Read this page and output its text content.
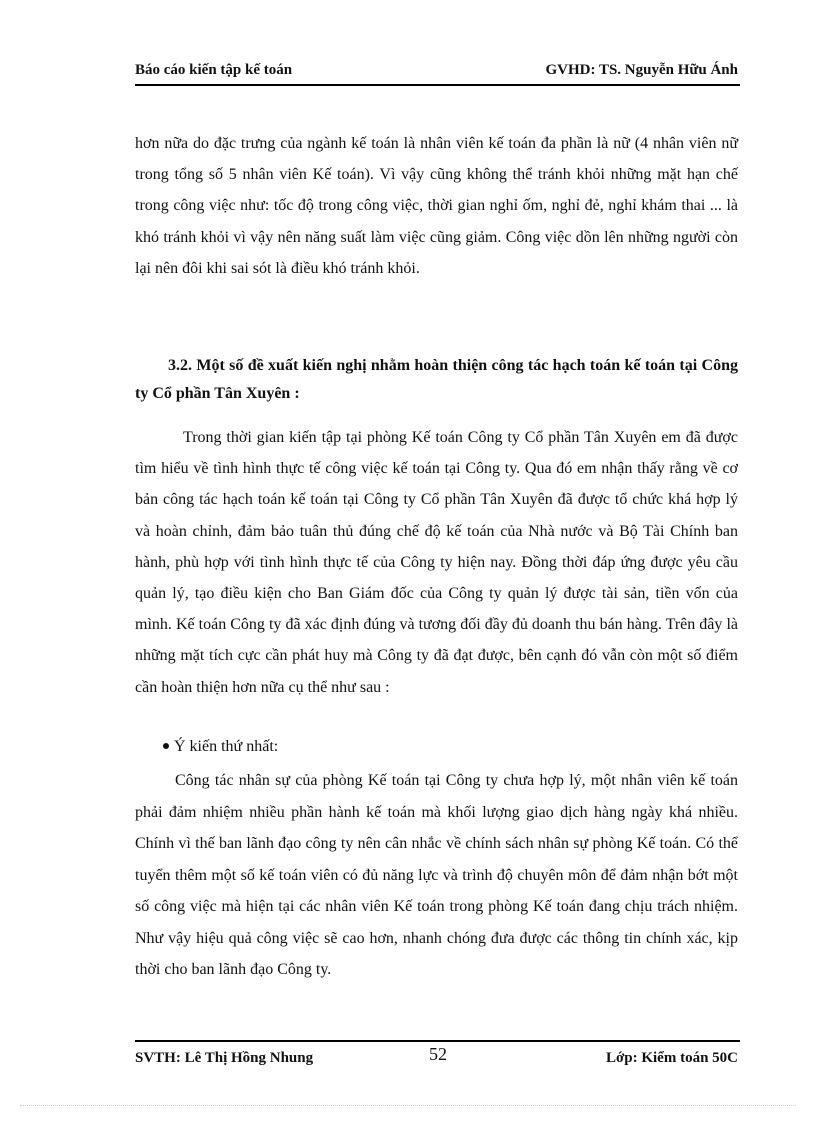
Báo cáo kiến tập kế toán	GVHD: TS. Nguyễn Hữu Ánh
hơn nữa do đặc trưng của ngành kế toán là nhân viên kế toán đa phần là nữ (4 nhân viên nữ trong tổng số 5 nhân viên Kế toán). Vì vậy cũng không thể tránh khỏi những mặt hạn chế trong công việc như: tốc độ trong công việc, thời gian nghỉ ốm, nghỉ đẻ, nghỉ khám thai ... là khó tránh khỏi vì vậy nên năng suất làm việc cũng giảm. Công việc dồn lên những người còn lại nên đôi khi sai sót là điều khó tránh khỏi.
3.2. Một số đề xuất kiến nghị nhằm hoàn thiện công tác hạch toán kế toán tại Công ty Cổ phần Tân Xuyên :
Trong thời gian kiến tập tại phòng Kế toán Công ty Cổ phần Tân Xuyên em đã được tìm hiểu về tình hình thực tế công việc kế toán tại Công ty. Qua đó em nhận thấy rằng về cơ bản công tác hạch toán kế toán tại Công ty Cổ phần Tân Xuyên đã được tổ chức khá hợp lý và hoàn chỉnh, đảm bảo tuân thủ đúng chế độ kế toán của Nhà nước và Bộ Tài Chính ban hành, phù hợp với tình hình thực tế của Công ty hiện nay. Đồng thời đáp ứng được yêu cầu quản lý, tạo điều kiện cho Ban Giám đốc của Công ty quản lý được tài sản, tiền vốn của mình. Kế toán Công ty đã xác định đúng và tương đối đầy đủ doanh thu bán hàng. Trên đây là những mặt tích cực cần phát huy mà Công ty đã đạt được, bên cạnh đó vẫn còn một số điểm cần hoàn thiện hơn nữa cụ thể như sau :
Ý kiến thứ nhất:
Công tác nhân sự của phòng Kế toán tại Công ty chưa hợp lý, một nhân viên kế toán phải đảm nhiệm nhiều phần hành kế toán mà khối lượng giao dịch hàng ngày khá nhiều. Chính vì thế ban lãnh đạo công ty nên cân nhắc về chính sách nhân sự phòng Kế toán. Có thể tuyển thêm một số kế toán viên có đủ năng lực và trình độ chuyên môn để đảm nhận bớt một số công việc mà hiện tại các nhân viên Kế toán trong phòng Kế toán đang chịu trách nhiệm. Như vậy hiệu quả công việc sẽ cao hơn, nhanh chóng đưa được các thông tin chính xác, kịp thời cho ban lãnh đạo Công ty.
SVTH: Lê Thị Hồng Nhung	52	Lớp: Kiểm toán 50C
